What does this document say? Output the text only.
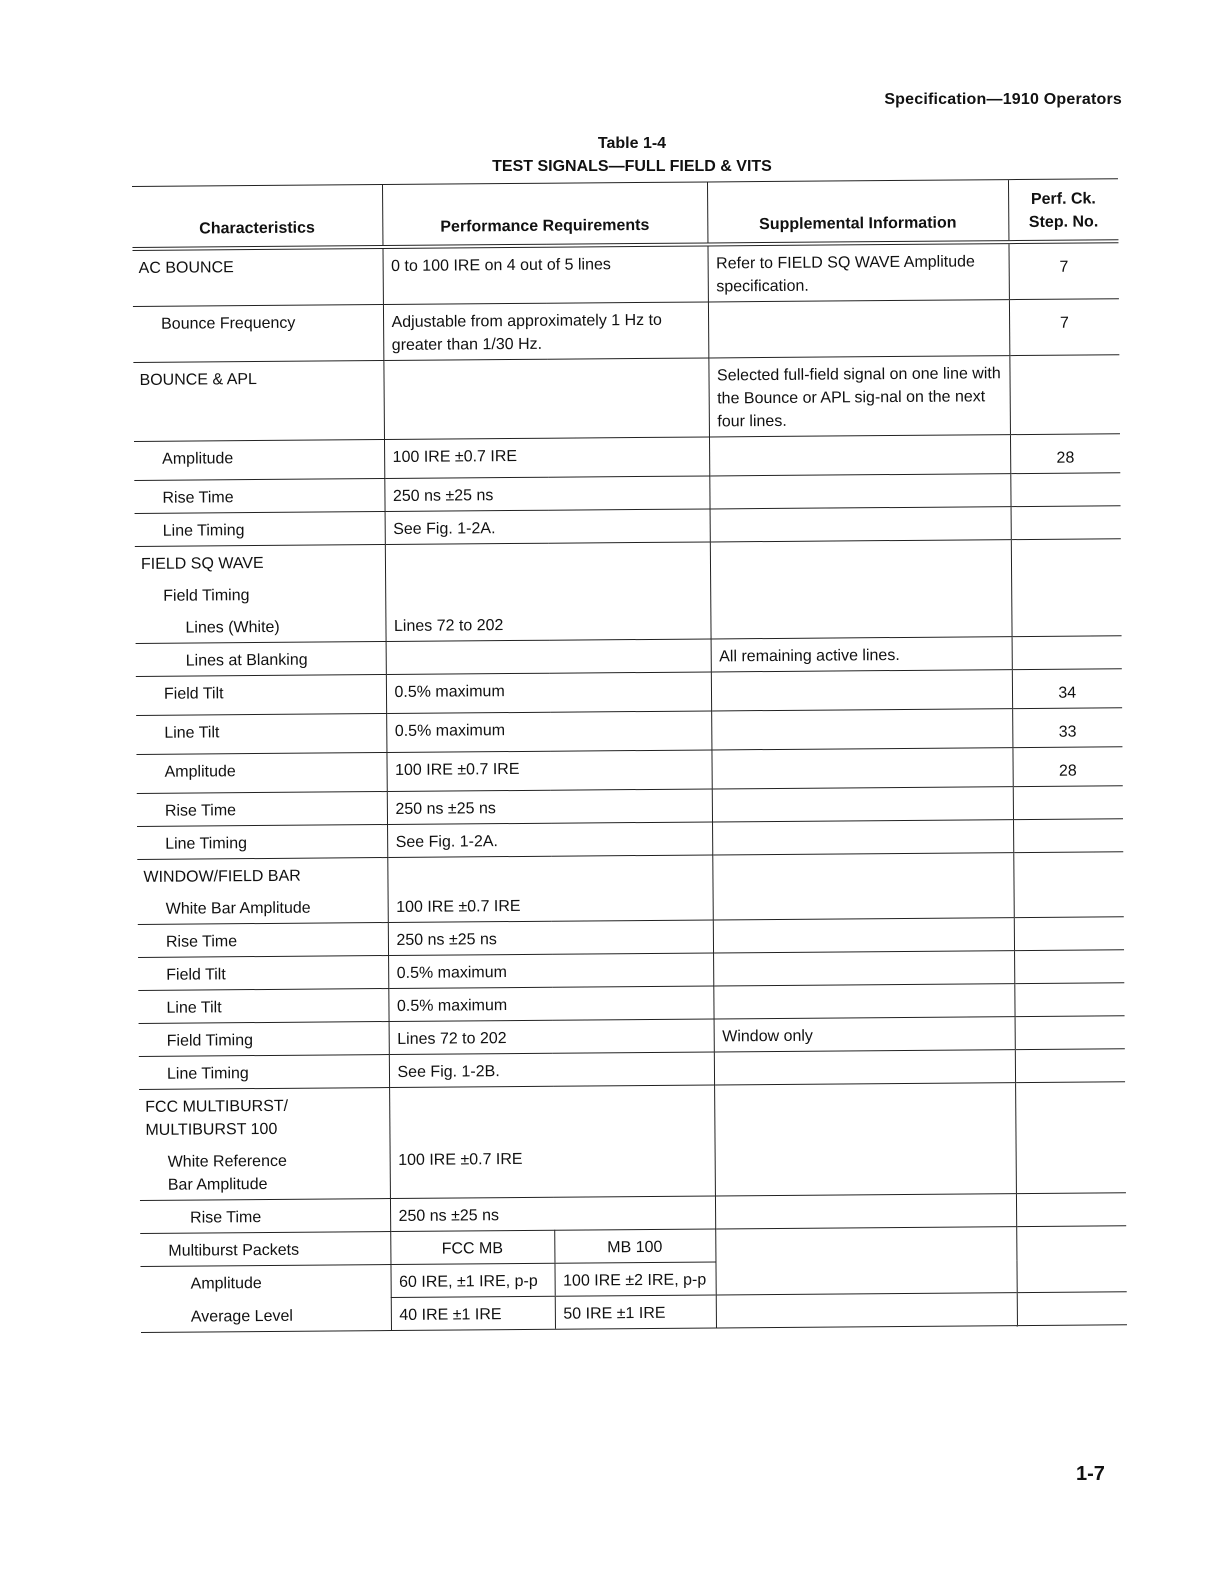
Specification—1910 Operators
Table 1-4
TEST SIGNALS—FULL FIELD & VITS
Characteristics	Performance Requirements		Supplemental Information	Perf. Ck. Step. No.
AC BOUNCE	0 to 100 IRE on 4 out of 5 lines		Refer to FIELD SQ WAVE Amplitude specification.	7
Bounce Frequency	Adjustable from approximately 1 Hz to greater than 1/30 Hz.			7
BOUNCE & APL			Selected full-field signal on one line with the Bounce or APL sig-nal on the next four lines.	
Amplitude	100 IRE ±0.7 IRE			28
Rise Time	250 ns ±25 ns			
Line Timing	See Fig. 1-2A.			

FIELD SQ WAVE
Field Timing
Lines (White)	Lines 72 to 202			
Lines at Blanking			All remaining active lines.	
Field Tilt	0.5% maximum			34
Line Tilt	0.5% maximum			33
Amplitude	100 IRE ±0.7 IRE			28
Rise Time	250 ns ±25 ns			
Line Timing	See Fig. 1-2A.			

WINDOW/FIELD BAR
White Bar Amplitude	100 IRE ±0.7 IRE			
Rise Time	250 ns ±25 ns			
Field Tilt	0.5% maximum			
Line Tilt	0.5% maximum			
Field Timing	Lines 72 to 202		Window only	
Line Timing	See Fig. 1-2B.			

FCC MULTIBURST/
MULTIBURST 100
White Reference
Bar Amplitude	100 IRE ±0.7 IRE			
Rise Time	250 ns ±25 ns			
Multiburst Packets	FCC MB	MB 100		
Amplitude	60 IRE, ±1 IRE, p-p	100 IRE ±2 IRE, p-p		
Average Level	40 IRE ±1 IRE	50 IRE ±1 IRE		
1-7
